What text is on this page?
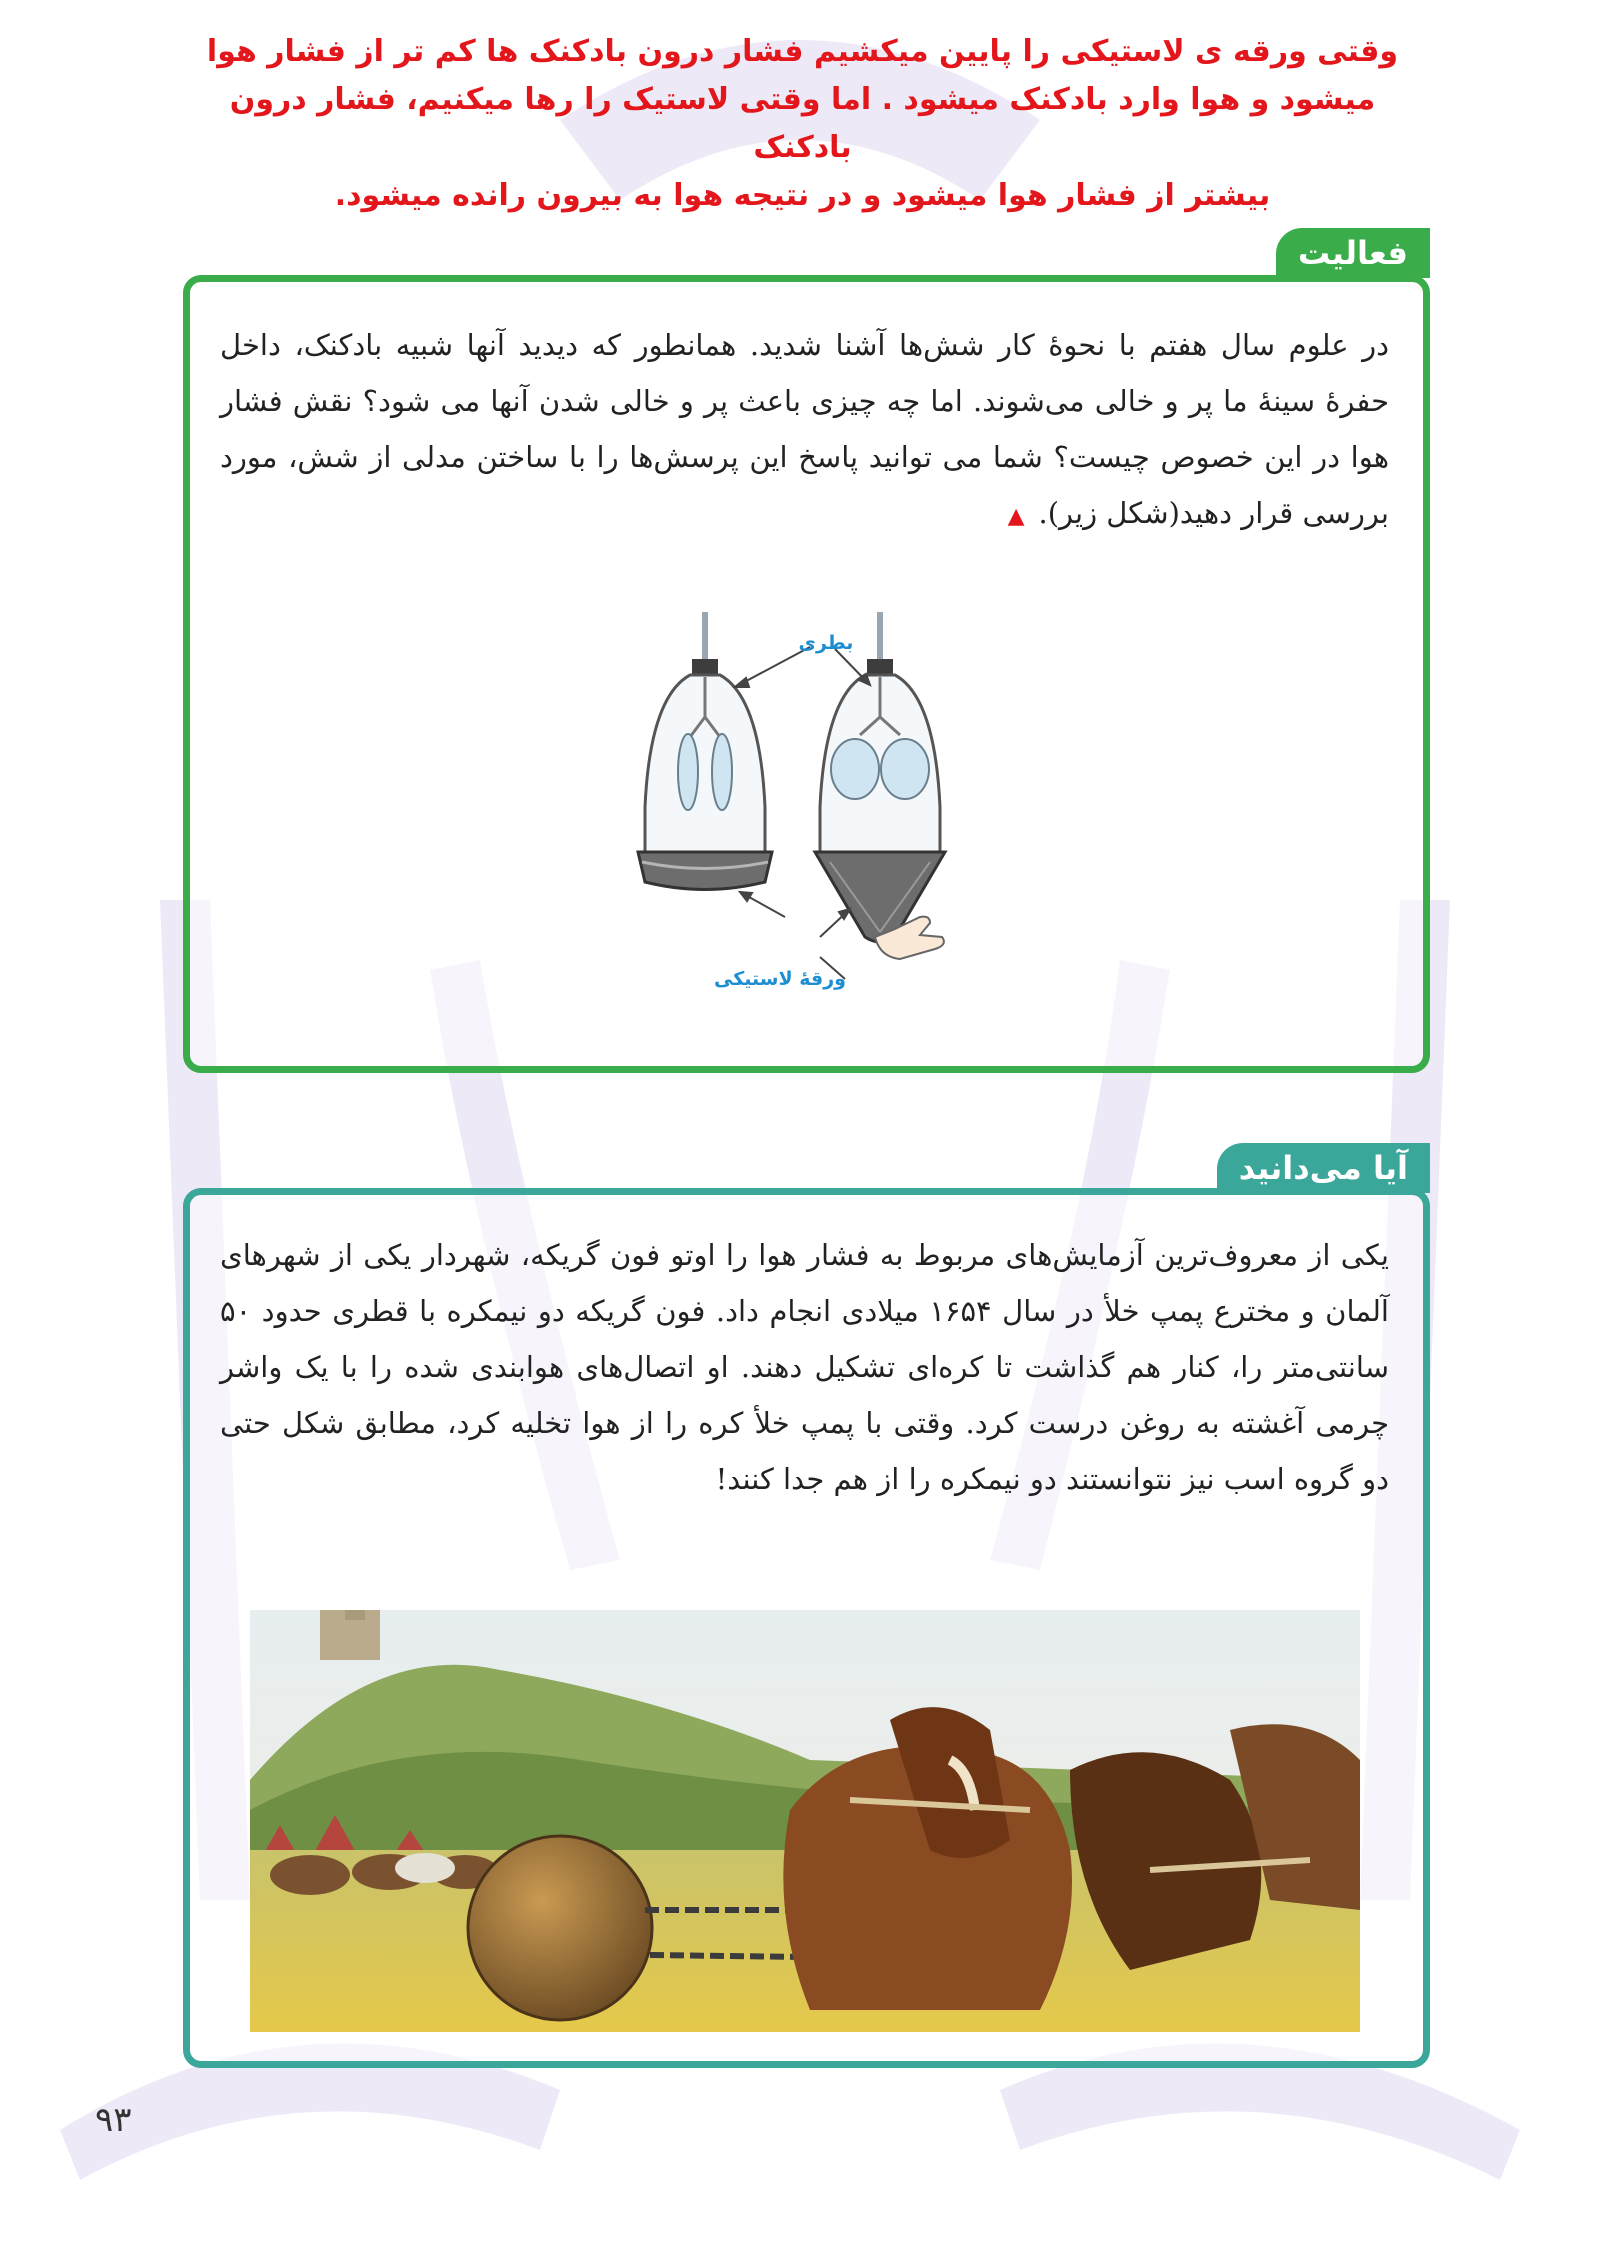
وقتی ورقه ی لاستیکی را پایین میکشیم فشار درون بادکنک ها کم تر از فشار هوا
میشود و هوا وارد بادکنک میشود . اما وقتی لاستیک را رها میکنیم، فشار درون بادکنک
بیشتر از فشار هوا میشود و در نتیجه هوا به بیرون رانده میشود.
فعالیت
در علوم سال هفتم با نحوهٔ کار شش‌ها آشنا شدید. همانطور که دیدید آنها شبیه بادکنک، داخل حفرهٔ سینهٔ ما پر و خالی می‌شوند. اما چه چیزی باعث پر و خالی شدن آنها می شود؟ نقش فشار هوا در این خصوص چیست؟ شما می توانید پاسخ این پرسش‌ها را با ساختن مدلی از شش، مورد بررسی قرار دهید(شکل زیر).▲
بطری
ورقهٔ لاستیکی
آیا می‌دانید
یکی از معروف‌ترین آزمایش‌های مربوط به فشار هوا را اوتو فون گریکه، شهردار یکی از شهرهای آلمان و مخترع پمپ خلأ در سال ۱۶۵۴ میلادی انجام داد. فون گریکه دو نیمکره با قطری حدود ۵۰ سانتی‌متر را، کنار هم گذاشت تا کره‌ای تشکیل دهند. او اتصال‌های هوابندی شده را با یک واشر چرمی آغشته به روغن درست کرد. وقتی با پمپ خلأ کره را از هوا تخلیه کرد، مطابق شکل حتی دو گروه اسب نیز نتوانستند دو نیمکره را از هم جدا کنند!
۹۳
